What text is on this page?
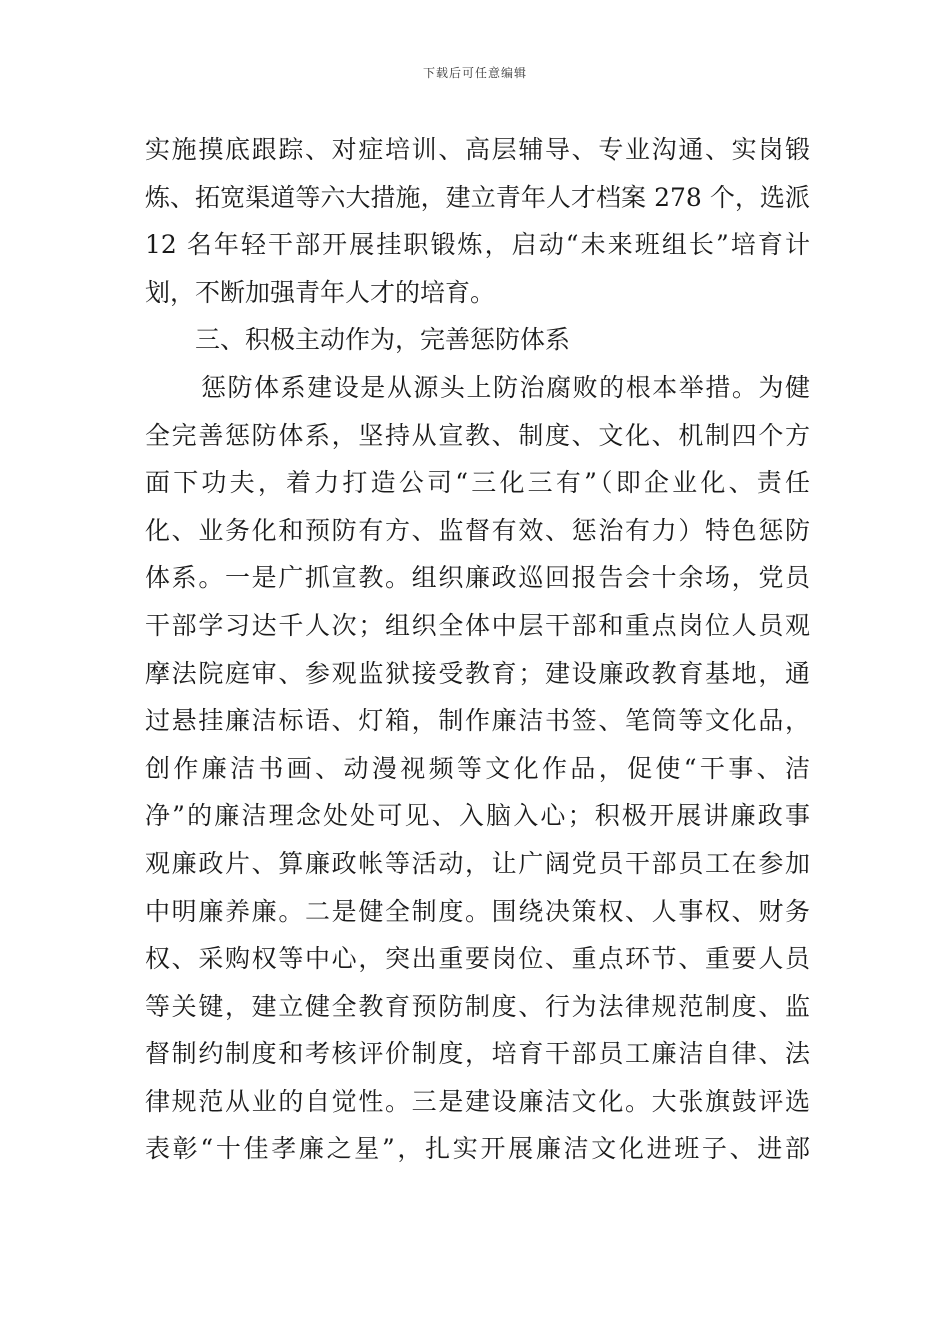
下载后可任意编辑
实施摸底跟踪、对症培训、高层辅导、专业沟通、实岗锻
炼、拓宽渠道等六大措施，建立青年人才档案 278 个，选派
12 名年轻干部开展挂职锻炼，启动“未来班组长”培育计
划，不断加强青年人才的培育。
三、积极主动作为，完善惩防体系
惩防体系建设是从源头上防治腐败的根本举措。为健
全完善惩防体系，坚持从宣教、制度、文化、机制四个方
面下功夫，着力打造公司“三化三有”（即企业化、责任
化、业务化和预防有方、监督有效、惩治有力）特色惩防
体系。一是广抓宣教。组织廉政巡回报告会十余场，党员
干部学习达千人次；组织全体中层干部和重点岗位人员观
摩法院庭审、参观监狱接受教育；建设廉政教育基地，通
过悬挂廉洁标语、灯箱，制作廉洁书签、笔筒等文化品，
创作廉洁书画、动漫视频等文化作品，促使“干事、洁
净”的廉洁理念处处可见、入脑入心；积极开展讲廉政事
观廉政片、算廉政帐等活动，让广阔党员干部员工在参加
中明廉养廉。二是健全制度。围绕决策权、人事权、财务
权、采购权等中心，突出重要岗位、重点环节、重要人员
等关键，建立健全教育预防制度、行为法律规范制度、监
督制约制度和考核评价制度，培育干部员工廉洁自律、法
律规范从业的自觉性。三是建设廉洁文化。大张旗鼓评选
表彰“十佳孝廉之星”，扎实开展廉洁文化进班子、进部
